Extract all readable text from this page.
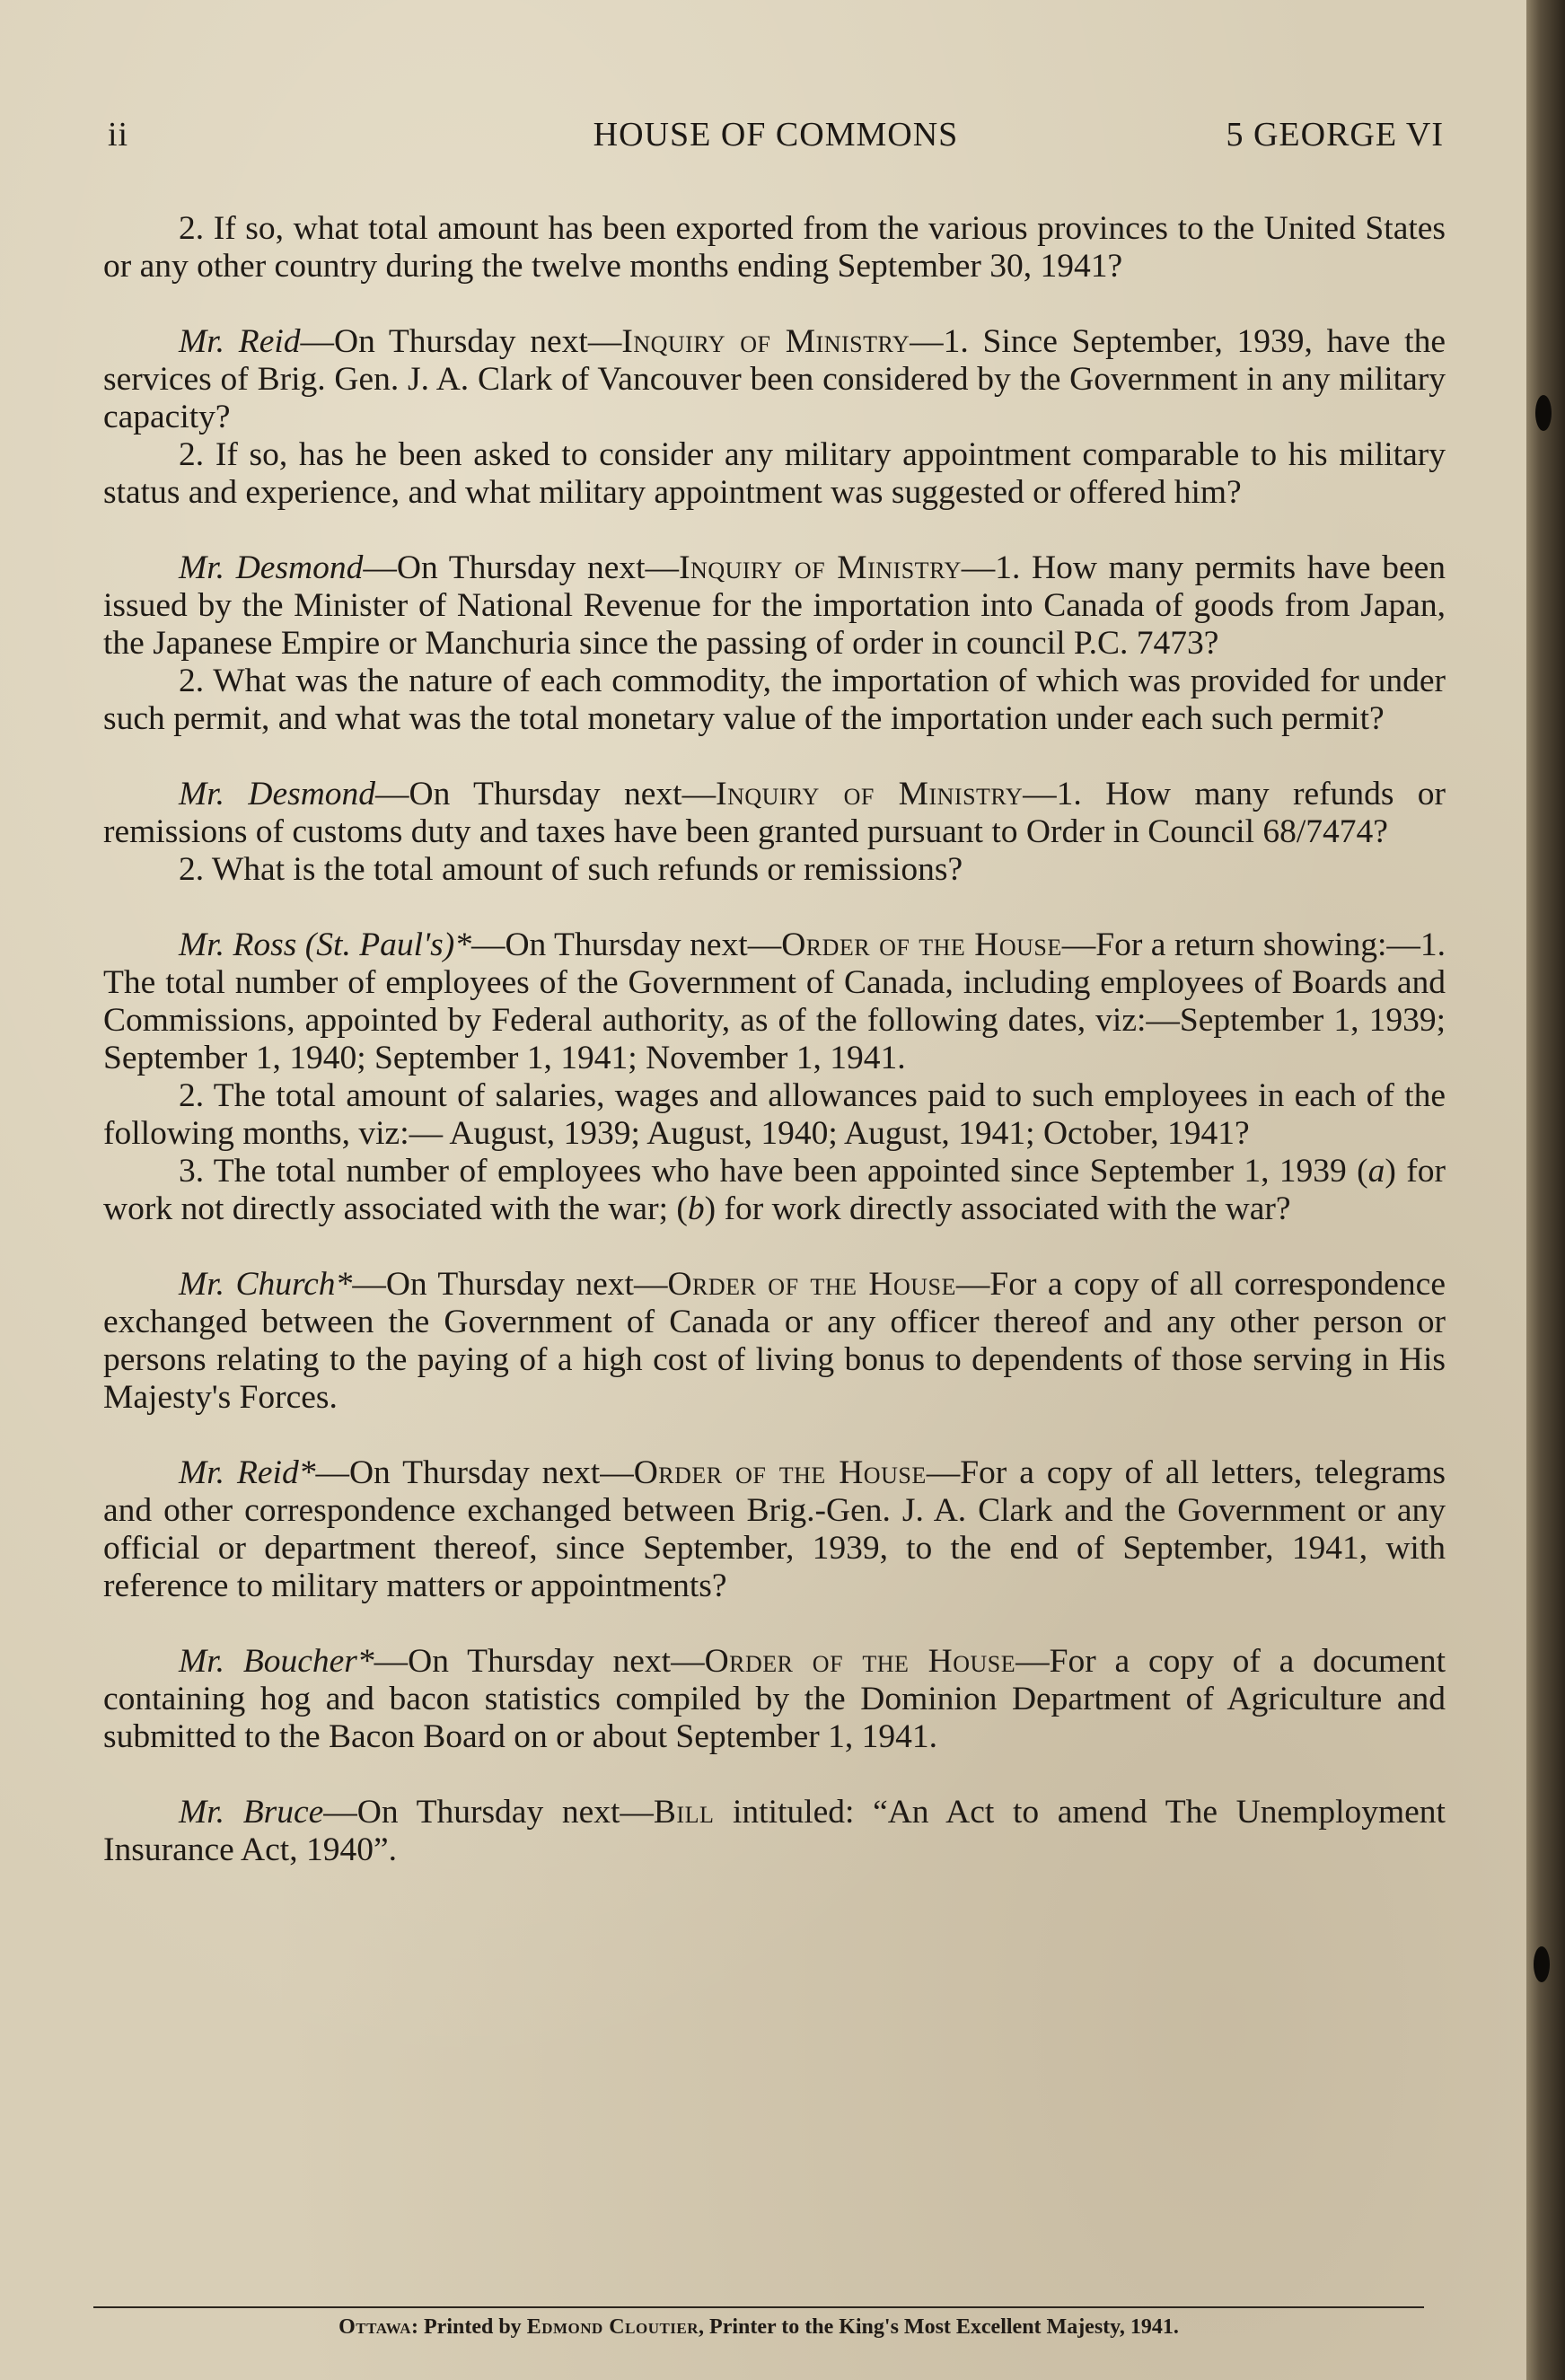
ii	HOUSE OF COMMONS	5 GEORGE VI

2. If so, what total amount has been exported from the various provinces to the United States or any other country during the twelve months ending September 30, 1941?

Mr. Reid—On Thursday next—Inquiry of Ministry—1. Since September, 1939, have the services of Brig. Gen. J. A. Clark of Vancouver been considered by the Government in any military capacity?

2. If so, has he been asked to consider any military appointment comparable to his military status and experience, and what military appointment was suggested or offered him?

Mr. Desmond—On Thursday next—Inquiry of Ministry—1. How many permits have been issued by the Minister of National Revenue for the importation into Canada of goods from Japan, the Japanese Empire or Manchuria since the passing of order in council P.C. 7473?

2. What was the nature of each commodity, the importation of which was provided for under such permit, and what was the total monetary value of the importation under each such permit?

Mr. Desmond—On Thursday next—Inquiry of Ministry—1. How many refunds or remissions of customs duty and taxes have been granted pursuant to Order in Council 68/7474?

2. What is the total amount of such refunds or remissions?

Mr. Ross (St. Paul's)*—On Thursday next—Order of the House—For a return showing:—1. The total number of employees of the Government of Canada, including employees of Boards and Commissions, appointed by Federal authority, as of the following dates, viz:—September 1, 1939; September 1, 1940; September 1, 1941; November 1, 1941.

2. The total amount of salaries, wages and allowances paid to such employees in each of the following months, viz:— August, 1939; August, 1940; August, 1941; October, 1941?

3. The total number of employees who have been appointed since September 1, 1939 (a) for work not directly associated with the war; (b) for work directly associated with the war?

Mr. Church*—On Thursday next—Order of the House—For a copy of all correspondence exchanged between the Government of Canada or any officer thereof and any other person or persons relating to the paying of a high cost of living bonus to dependents of those serving in His Majesty's Forces.

Mr. Reid*—On Thursday next—Order of the House—For a copy of all letters, telegrams and other correspondence exchanged between Brig.-Gen. J. A. Clark and the Government or any official or department thereof, since September, 1939, to the end of September, 1941, with reference to military matters or appointments?

Mr. Boucher*—On Thursday next—Order of the House—For a copy of a document containing hog and bacon statistics compiled by the Dominion Department of Agriculture and submitted to the Bacon Board on or about September 1, 1941.

Mr. Bruce—On Thursday next—Bill intituled: “An Act to amend The Unemployment Insurance Act, 1940”.

Ottawa: Printed by Edmond Cloutier, Printer to the King's Most Excellent Majesty, 1941.
